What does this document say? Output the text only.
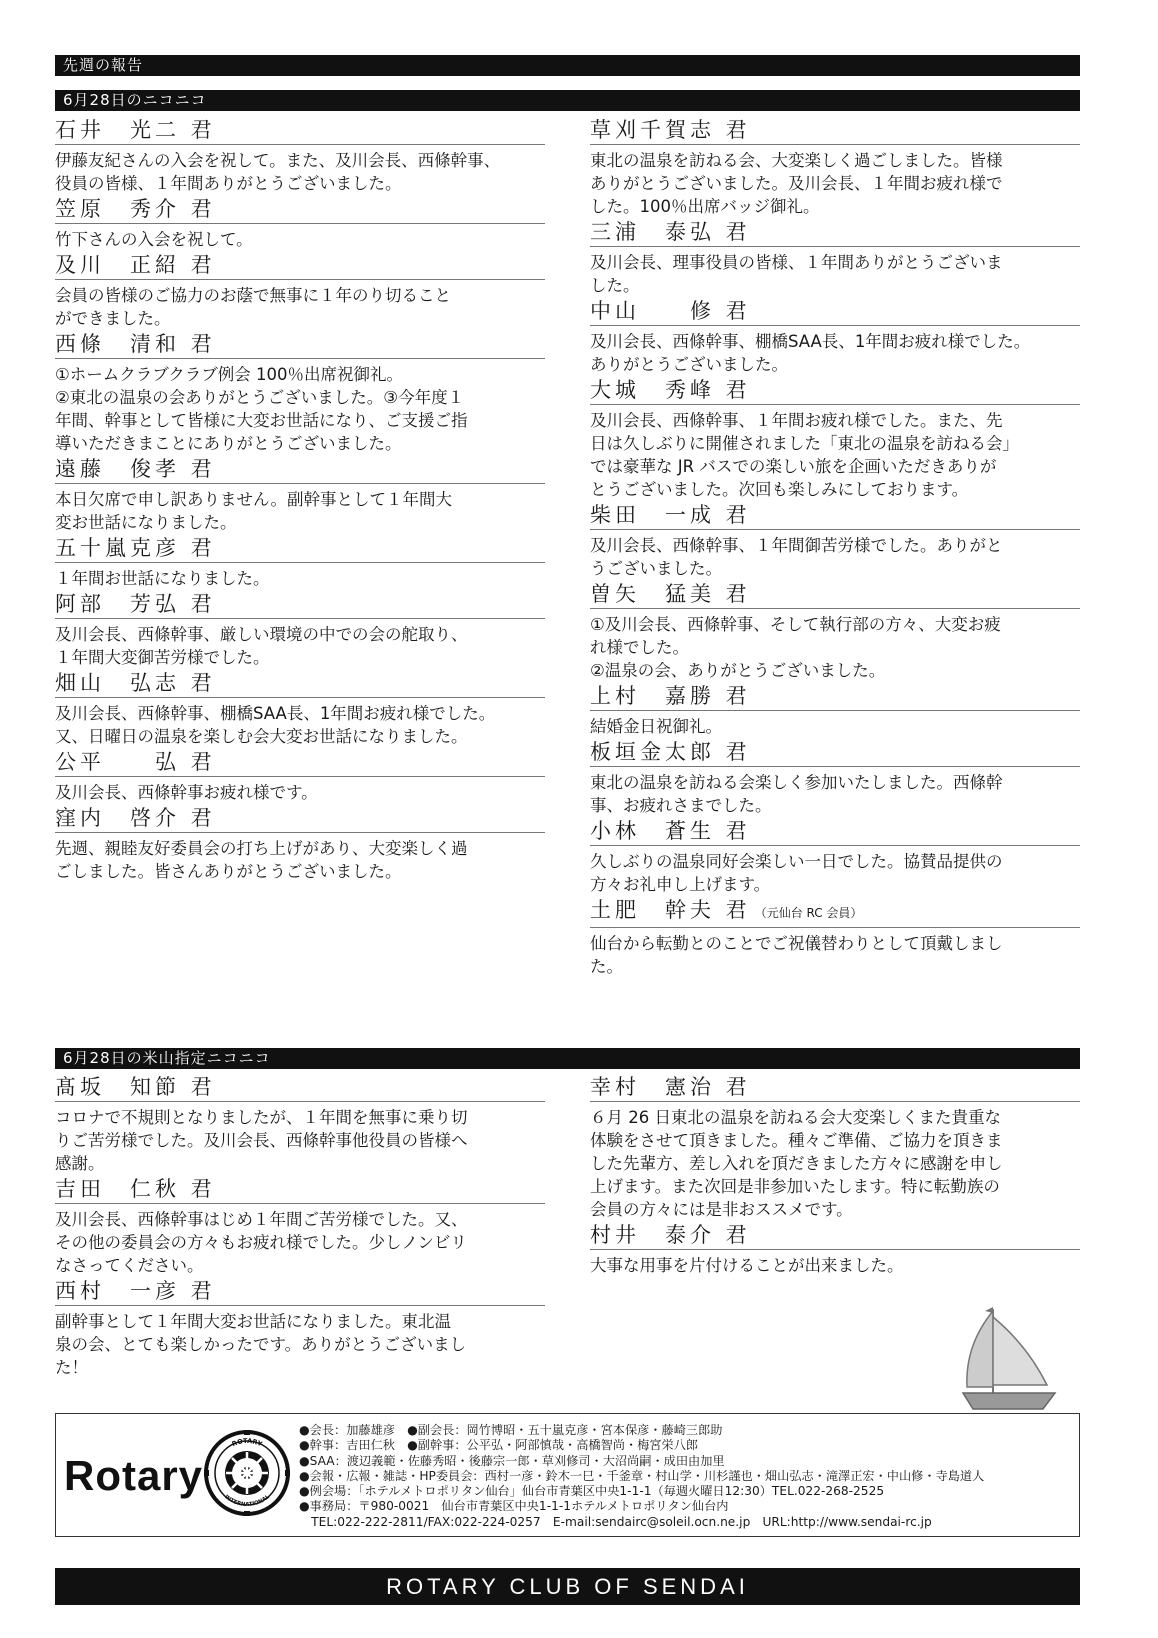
先週の報告
6月28日のニコニコ
石井　光二 君
伊藤友紀さんの入会を祝して。また、及川会長、西條幹事、
役員の皆様、１年間ありがとうございました。
笠原　秀介 君
竹下さんの入会を祝して。
及川　正紹 君
会員の皆様のご協力のお蔭で無事に１年のり切ること
ができました。
西條　清和 君
①ホームクラブクラブ例会 100％出席祝御礼。
②東北の温泉の会ありがとうございました。③今年度１
年間、幹事として皆様に大変お世話になり、ご支援ご指
導いただきまことにありがとうございました。
遠藤　俊孝 君
本日欠席で申し訳ありません。副幹事として１年間大
変お世話になりました。
五十嵐克彦 君
１年間お世話になりました。
阿部　芳弘 君
及川会長、西條幹事、厳しい環境の中での会の舵取り、
１年間大変御苦労様でした。
畑山　弘志 君
及川会長、西條幹事、棚橋SAA長、1年間お疲れ様でした。
又、日曜日の温泉を楽しむ会大変お世話になりました。
公平　　弘 君
及川会長、西條幹事お疲れ様です。
窪内　啓介 君
先週、親睦友好委員会の打ち上げがあり、大変楽しく過
ごしました。皆さんありがとうございました。
草刈千賀志 君
東北の温泉を訪ねる会、大変楽しく過ごしました。皆様
ありがとうございました。及川会長、１年間お疲れ様で
した。100％出席バッジ御礼。
三浦　泰弘 君
及川会長、理事役員の皆様、１年間ありがとうございま
した。
中山　　修 君
及川会長、西條幹事、棚橋SAA長、1年間お疲れ様でした。
ありがとうございました。
大城　秀峰 君
及川会長、西條幹事、１年間お疲れ様でした。また、先
日は久しぶりに開催されました「東北の温泉を訪ねる会」
では豪華な JR バスでの楽しい旅を企画いただきありが
とうございました。次回も楽しみにしております。
柴田　一成 君
及川会長、西條幹事、１年間御苦労様でした。ありがと
うございました。
曽矢　猛美 君
①及川会長、西條幹事、そして執行部の方々、大変お疲
れ様でした。
②温泉の会、ありがとうございました。
上村　嘉勝 君
結婚金日祝御礼。
板垣金太郎 君
東北の温泉を訪ねる会楽しく参加いたしました。西條幹
事、お疲れさまでした。
小林　蒼生 君
久しぶりの温泉同好会楽しい一日でした。協賛品提供の
方々お礼申し上げます。
土肥　幹夫 君 （元仙台 RC 会員）
仙台から転勤とのことでご祝儀替わりとして頂戴しまし
た。
6月28日の米山指定ニコニコ
髙坂　知節 君
コロナで不規則となりましたが、１年間を無事に乗り切
りご苦労様でした。及川会長、西條幹事他役員の皆様へ
感謝。
吉田　仁秋 君
及川会長、西條幹事はじめ１年間ご苦労様でした。又、
その他の委員会の方々もお疲れ様でした。少しノンビリ
なさってください。
西村　一彦 君
副幹事として１年間大変お世話になりました。東北温
泉の会、とても楽しかったです。ありがとうございまし
た！
幸村　憲治 君
６月 26 日東北の温泉を訪ねる会大変楽しくまた貴重な
体験をさせて頂きました。種々ご準備、ご協力を頂きま
した先輩方、差し入れを頂だきました方々に感謝を申し
上げます。また次回是非参加いたします。特に転勤族の
会員の方々には是非おススメです。
村井　泰介 君
大事な用事を片付けることが出来ました。
Rotary
ROTARY
INTERNATIONAL
●会長：加藤雄彦　●副会長：岡竹博昭・五十嵐克彦・宮本保彦・藤崎三郎助
●幹事：吉田仁秋　●副幹事：公平弘・阿部慎哉・高橋智尚・梅宮栄八郎
●SAA：渡辺義範・佐藤秀昭・後藤宗一郎・草刈修司・大沼尚嗣・成田由加里
●会報・広報・雑誌・HP委員会：西村一彦・鈴木一巳・千釜章・村山学・川杉謹也・畑山弘志・滝澤正宏・中山修・寺島道人
●例会場：「ホテルメトロポリタン仙台」仙台市青葉区中央1-1-1（毎週火曜日12:30）TEL.022-268-2525
●事務局：〒980-0021　仙台市青葉区中央1-1-1ホテルメトロポリタン仙台内
　TEL:022-222-2811/FAX:022-224-0257　E-mail:sendairc@soleil.ocn.ne.jp　URL:http://www.sendai-rc.jp
ROTARY CLUB OF SENDAI
